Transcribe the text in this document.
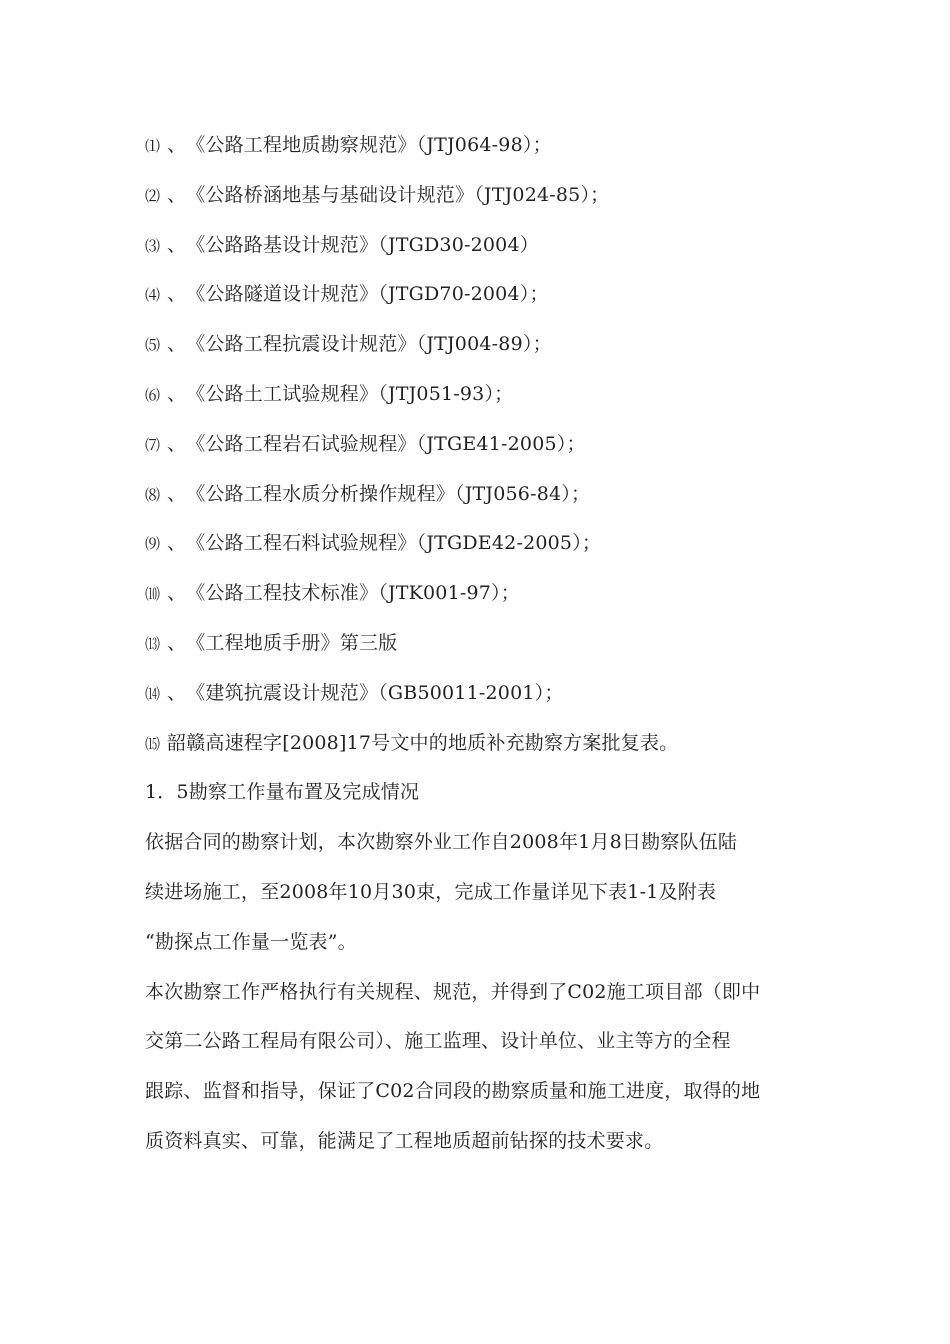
⑴ 、《公路工程地质勘察规范》（JTJ064-98）；
⑵ 、《公路桥涵地基与基础设计规范》（JTJ024-85）；
⑶ 、《公路路基设计规范》（JTGD30-2004）
⑷ 、《公路隧道设计规范》（JTGD70-2004）；
⑸ 、《公路工程抗震设计规范》（JTJ004-89）；
⑹ 、《公路土工试验规程》（JTJ051-93）；
⑺ 、《公路工程岩石试验规程》（JTGE41-2005）；
⑻ 、《公路工程水质分析操作规程》（JTJ056-84）；
⑼ 、《公路工程石料试验规程》（JTGDE42-2005）；
⑽ 、《公路工程技术标准》（JTK001-97）；
⒀ 、《工程地质手册》第三版
⒁ 、《建筑抗震设计规范》（GB50011-2001）；
⒂ 韶赣高速程字[2008]17号文中的地质补充勘察方案批复表。
1．5勘察工作量布置及完成情况
依据合同的勘察计划，本次勘察外业工作自2008年1月8日勘察队伍陆
续进场施工，至2008年10月30束，完成工作量详见下表1-1及附表
“勘探点工作量一览表”。
本次勘察工作严格执行有关规程、规范，并得到了C02施工项目部（即中
交第二公路工程局有限公司）、施工监理、设计单位、业主等方的全程
跟踪、监督和指导，保证了C02合同段的勘察质量和施工进度，取得的地
质资料真实、可靠，能满足了工程地质超前钻探的技术要求。
